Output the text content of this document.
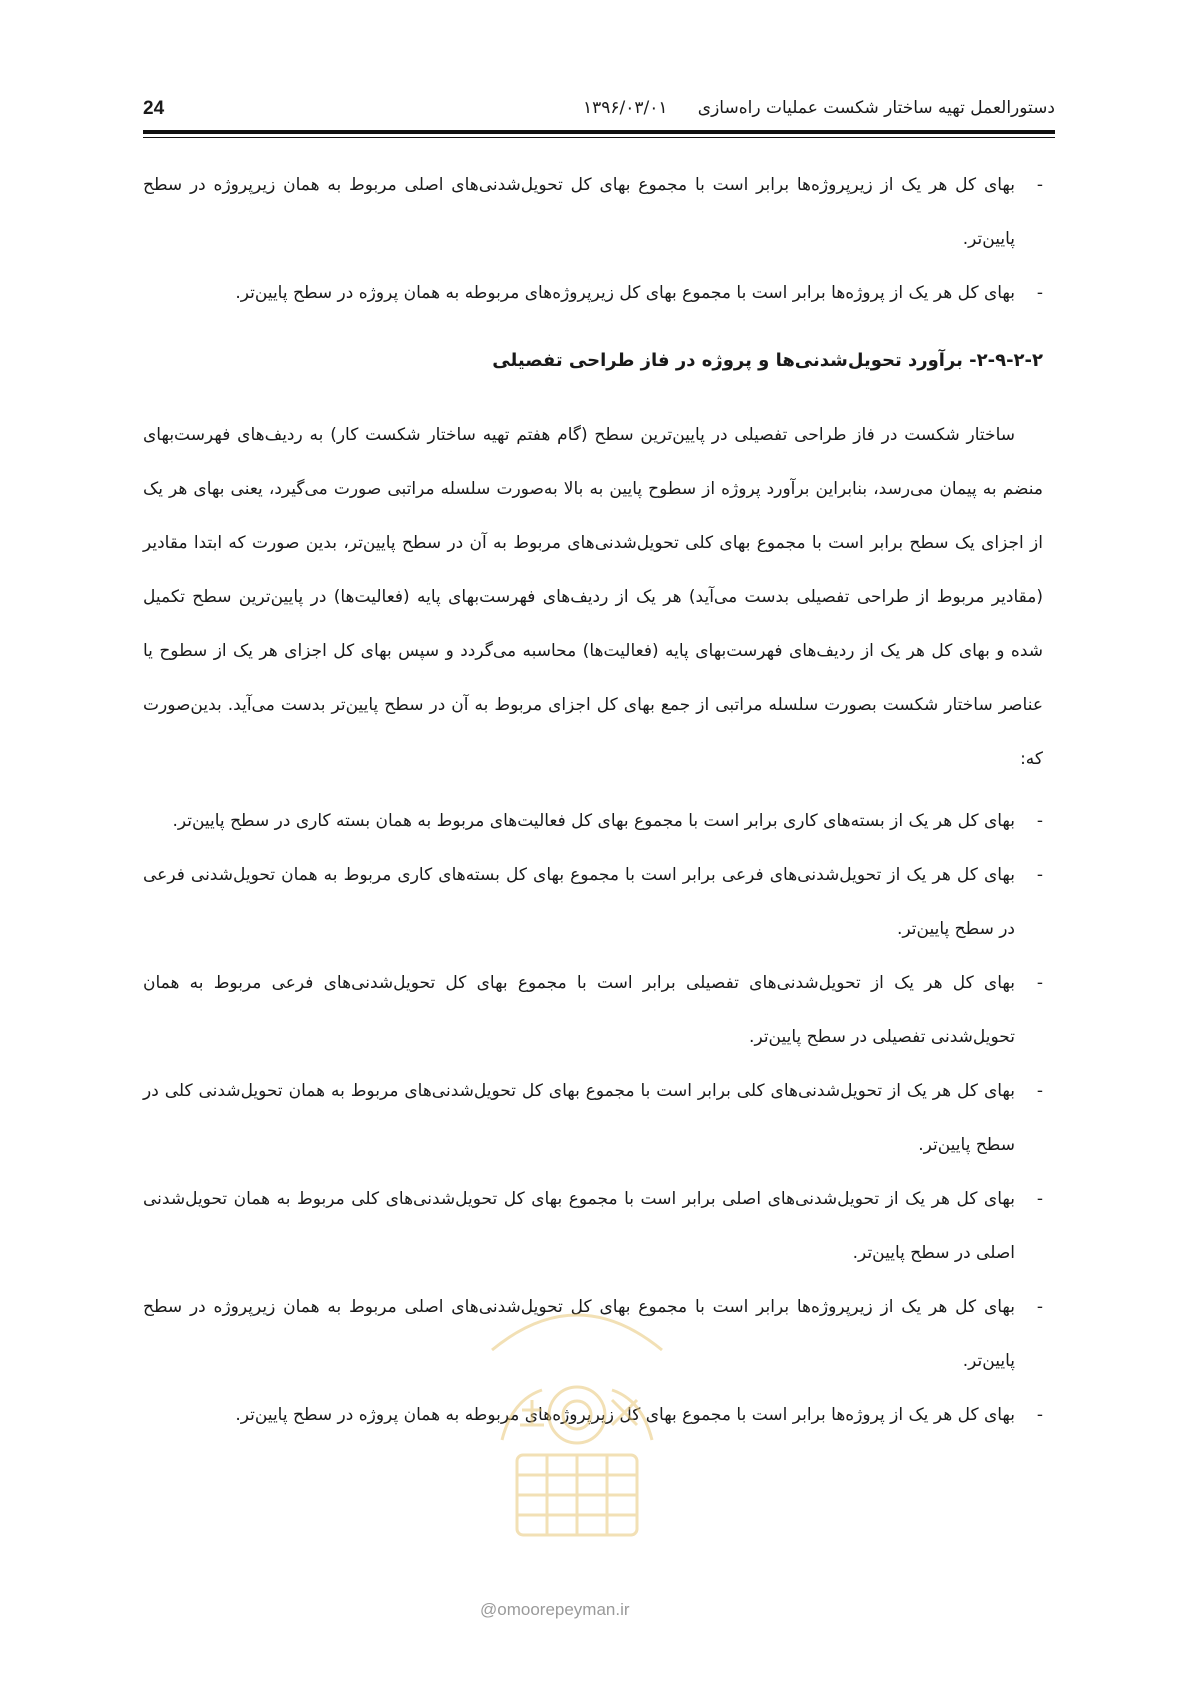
24	۱۳۹۶/۰۳/۰۱ دستورالعمل تهیه ساختار شکست عملیات راه‌سازی

-
بهای کل هر یک از زیرپروژه‌ها برابر است با مجموع بهای کل تحویل‌شدنی‌های اصلی مربوط به همان زیرپروژه در سطح پایین‌تر.

-
بهای کل هر یک از پروژه‌ها برابر است با مجموع بهای کل زیرپروژه‌های مربوطه به همان پروژه در سطح پایین‌تر.

۲-۹-۲-۲- برآورد تحویل‌شدنی‌ها و پروژه در فاز طراحی تفصیلی

ساختار شکست در فاز طراحی تفصیلی در پایین‌ترین سطح (گام هفتم تهیه ساختار شکست کار) به ردیف‌های فهرست‌بهای منضم به پیمان می‌رسد، بنابراین برآورد پروژه از سطوح پایین به بالا به‌صورت سلسله مراتبی صورت می‌گیرد، یعنی بهای هر یک از اجزای یک سطح برابر است با مجموع بهای کلی تحویل‌شدنی‌های مربوط به آن در سطح پایین‌تر، بدین صورت که ابتدا مقادیر (مقادیر مربوط از طراحی تفصیلی بدست می‌آید) هر یک از ردیف‌های فهرست‌بهای پایه (فعالیت‌ها) در پایین‌ترین سطح تکمیل شده و بهای کل هر یک از ردیف‌های فهرست‌بهای پایه (فعالیت‌ها) محاسبه می‌گردد و سپس بهای کل اجزای هر یک از سطوح یا عناصر ساختار شکست بصورت سلسله مراتبی از جمع بهای کل اجزای مربوط به آن در سطح پایین‌تر بدست می‌آید. بدین‌صورت که:

-
بهای کل هر یک از بسته‌های کاری برابر است با مجموع بهای کل فعالیت‌های مربوط به همان بسته کاری در سطح پایین‌تر.

-
بهای کل هر یک از تحویل‌شدنی‌های فرعی برابر است با مجموع بهای کل بسته‌های کاری مربوط به همان تحویل‌شدنی فرعی در سطح پایین‌تر.

-
بهای کل هر یک از تحویل‌شدنی‌های تفصیلی برابر است با مجموع بهای کل تحویل‌شدنی‌های فرعی مربوط به همان تحویل‌شدنی تفصیلی در سطح پایین‌تر.

-
بهای کل هر یک از تحویل‌شدنی‌های کلی برابر است با مجموع بهای کل تحویل‌شدنی‌های مربوط به همان تحویل‌شدنی کلی در سطح پایین‌تر.

-
بهای کل هر یک از تحویل‌شدنی‌های اصلی برابر است با مجموع بهای کل تحویل‌شدنی‌های کلی مربوط به همان تحویل‌شدنی اصلی در سطح پایین‌تر.

-
بهای کل هر یک از زیرپروژه‌ها برابر است با مجموع بهای کل تحویل‌شدنی‌های اصلی مربوط به همان زیرپروژه در سطح پایین‌تر.

-
بهای کل هر یک از پروژه‌ها برابر است با مجموع بهای کل زیرپروژه‌های مربوطه به همان پروژه در سطح پایین‌تر.

@omoorepeyman.ir
